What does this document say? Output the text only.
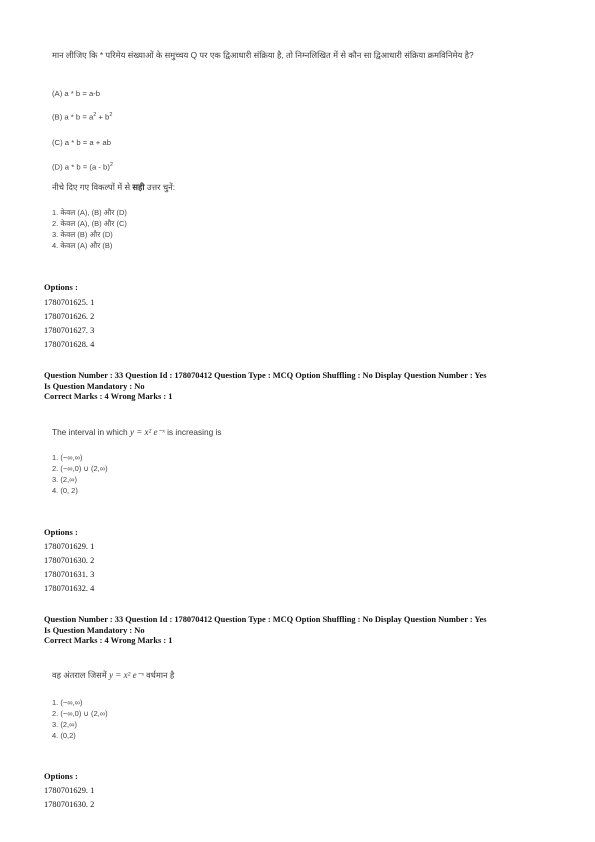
मान लीजिए कि * परिमेय संख्याओं के समुच्चय Q पर एक द्विआधारी संक्रिया है, तो निम्नलिखित में से कौन सा द्विआधारी संक्रिया क्रमविनिमेय है?
(A) a * b = a-b
(B) $a * b = a^2 + b^2$
(C) a * b = a + ab
(D) a * b = (a - b)$^2$
नीचे दिए गए विकल्पों में से सही उत्तर चुनें:
1. केवल (A), (B) और (D)
2. केवल (A), (B) और (C)
3. केवल (B) और (D)
4. केवल (A) और (B)
Options :
1780701625. 1
1780701626. 2
1780701627. 3
1780701628. 4
Question Number : 33 Question Id : 178070412 Question Type : MCQ Option Shuffling : No Display Question Number : Yes
Is Question Mandatory : No
Correct Marks : 4 Wrong Marks : 1
The interval in which y = x² e⁻ˣ is increasing is
1. (−∞,∞)
2. (−∞,0) ∪ (2,∞)
3. (2,∞)
4. (0, 2)
Options :
1780701629. 1
1780701630. 2
1780701631. 3
1780701632. 4
Question Number : 33 Question Id : 178070412 Question Type : MCQ Option Shuffling : No Display Question Number : Yes
Is Question Mandatory : No
Correct Marks : 4 Wrong Marks : 1
वह अंतराल जिसमें y = x² e⁻ˣ वर्धमान है
1. (−∞,∞)
2. (−∞,0) ∪ (2,∞)
3. (2,∞)
4. (0,2)
Options :
1780701629. 1
1780701630. 2
